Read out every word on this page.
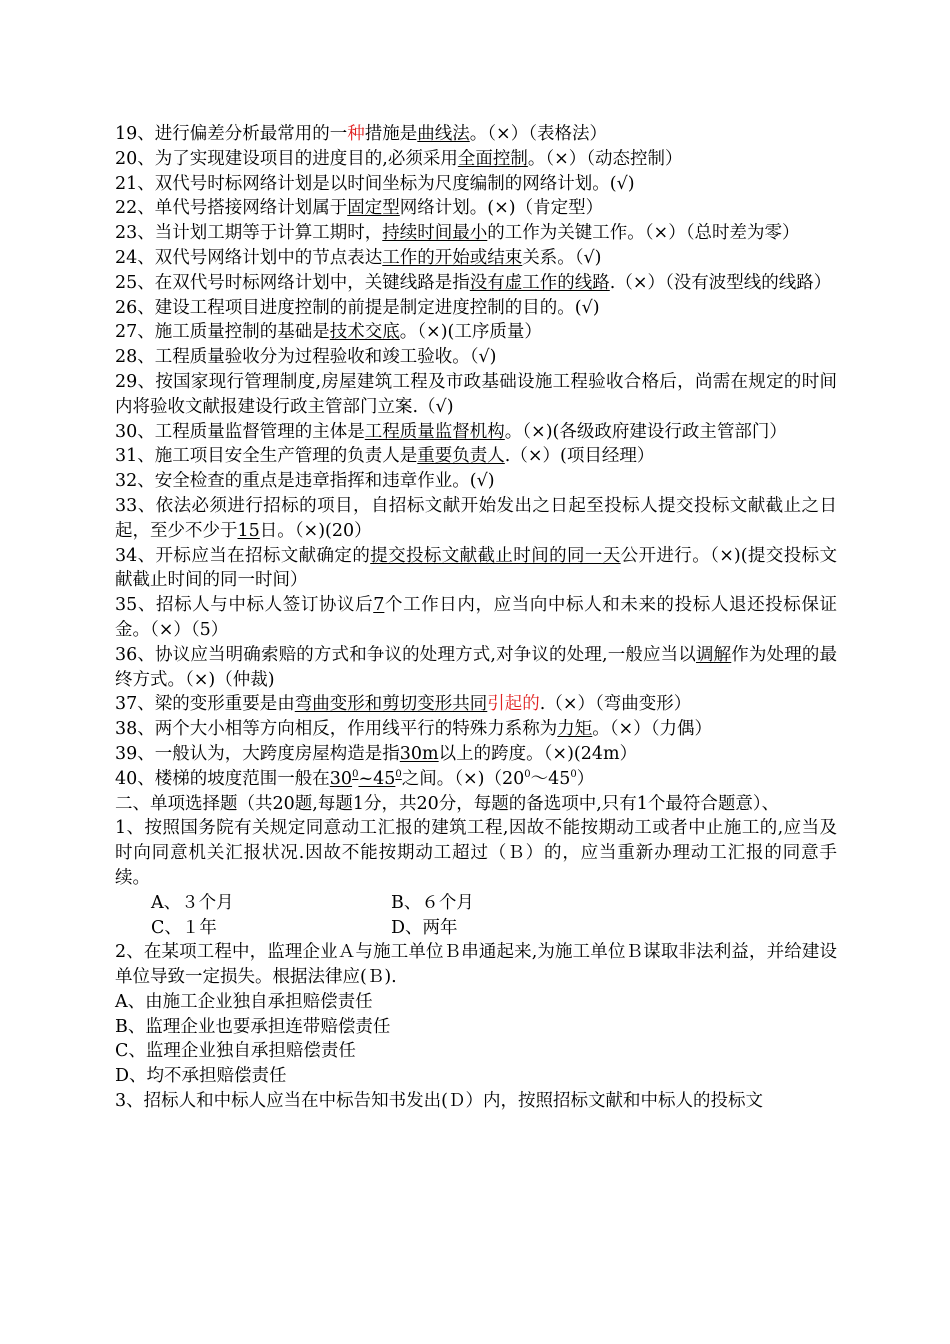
19、进行偏差分析最常用的一种措施是曲线法。（×）（表格法）
20、为了实现建设项目的进度目的,必须采用全面控制。（×）（动态控制）
21、双代号时标网络计划是以时间坐标为尺度编制的网络计划。(√)
22、单代号搭接网络计划属于固定型网络计划。(×)（肯定型）
23、当计划工期等于计算工期时，持续时间最小的工作为关键工作。（×）（总时差为零）
24、双代号网络计划中的节点表达工作的开始或结束关系。（√)
25、在双代号时标网络计划中，关键线路是指没有虚工作的线路.（×）（没有波型线的线路）
26、建设工程项目进度控制的前提是制定进度控制的目的。(√)
27、施工质量控制的基础是技术交底。（×)(工序质量）
28、工程质量验收分为过程验收和竣工验收。（√)
29、按国家现行管理制度,房屋建筑工程及市政基础设施工程验收合格后，尚需在规定的时间内将验收文献报建设行政主管部门立案.（√)
30、工程质量监督管理的主体是工程质量监督机构。（×)(各级政府建设行政主管部门）
31、施工项目安全生产管理的负责人是重要负责人.（×）(项目经理）
32、安全检查的重点是违章指挥和违章作业。(√)
33、依法必须进行招标的项目，自招标文献开始发出之日起至投标人提交投标文献截止之日起，至少不少于15日。（×)(20）
34、开标应当在招标文献确定的提交投标文献截止时间的同一天公开进行。（×)(提交投标文献截止时间的同一时间）
35、招标人与中标人签订协议后7个工作日内，应当向中标人和未来的投标人退还投标保证金。（×）（5）
36、协议应当明确索赔的方式和争议的处理方式,对争议的处理,一般应当以调解作为处理的最终方式。（×)（仲裁)
37、梁的变形重要是由弯曲变形和剪切变形共同引起的.（×）（弯曲变形）
38、两个大小相等方向相反，作用线平行的特殊力系称为力矩。（×）（力偶）
39、一般认为，大跨度房屋构造是指30m以上的跨度。（×)(24m）
40、楼梯的坡度范围一般在$30^0\sim 45^0$之间。$(\times)(20^0\sim 45^0)$
二、单项选择题（共20题,每题1分，共20分，每题的备选项中,只有1个最符合题意）、
1、按照国务院有关规定同意动工汇报的建筑工程,因故不能按期动工或者中止施工的,应当及时向同意机关汇报状况.因故不能按期动工超过（Ｂ）的，应当重新办理动工汇报的同意手续。
A、３个月	B、６个月
C、１年	D、两年
2、在某项工程中，监理企业Ａ与施工单位Ｂ串通起来,为施工单位Ｂ谋取非法利益，并给建设单位导致一定损失。根据法律应(Ｂ).
A、由施工企业独自承担赔偿责任
B、监理企业也要承担连带赔偿责任
C、监理企业独自承担赔偿责任
D、均不承担赔偿责任
3、招标人和中标人应当在中标告知书发出(Ｄ）内，按照招标文献和中标人的投标文
